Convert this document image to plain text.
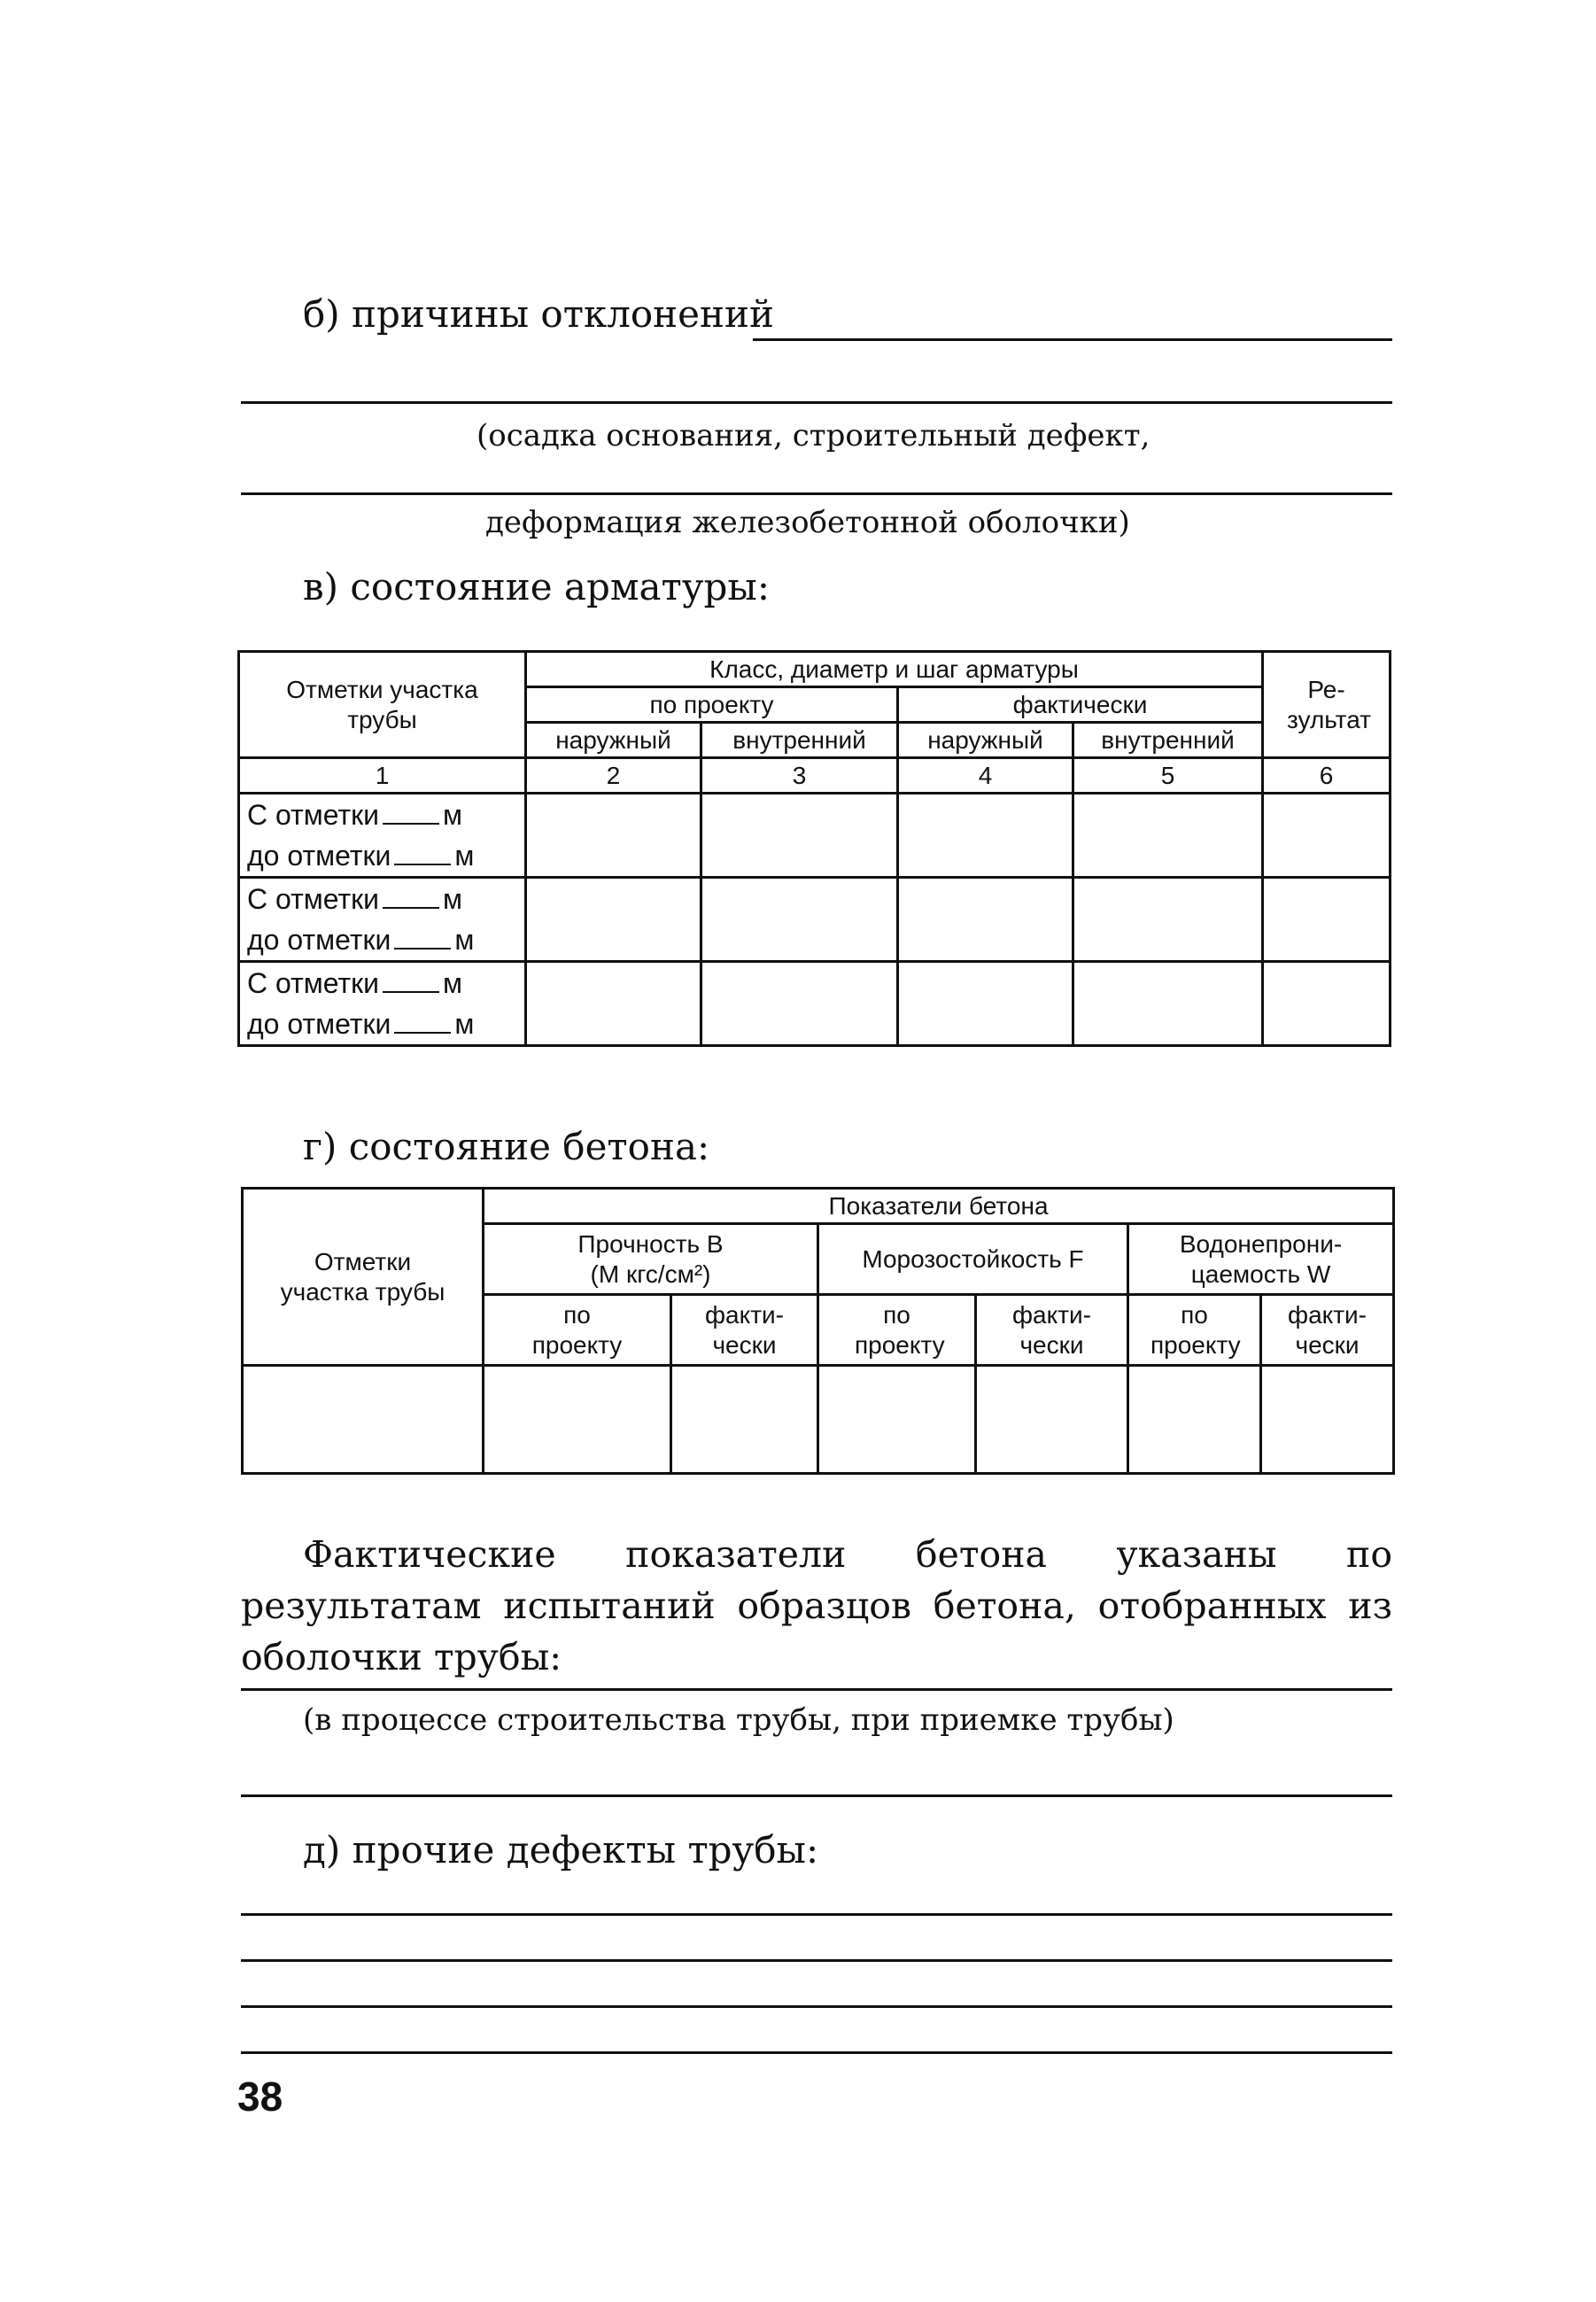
б) причины отклонений
(осадка основания, строительный дефект,
деформация железобетонной оболочки)
в) состояние арматуры:
Отметки участка трубы	Класс, диаметр и шаг арматуры				Ре-зультат
	по проекту		фактически		
	наружный	внутренний	наружный	внутренний	
1	2	3	4	5	6

С отметки м
до отметки м					

С отметки м
до отметки м					

С отметки м
до отметки м					

г) состояние бетона:
Отметки участка трубы	Показатели бетона					

	Прочность B
(М кгс/см²)		Морозостойкость F		Водонепрони-цаемость W	
	по проекту	факти-чески	по проекту	факти-чески	по проекту	факти-чески

Фактические показатели бетона указаны по результатам испытаний образцов бетона, отобранных из оболочки трубы:
(в процессе строительства трубы, при приемке трубы)
д) прочие дефекты трубы:
38
